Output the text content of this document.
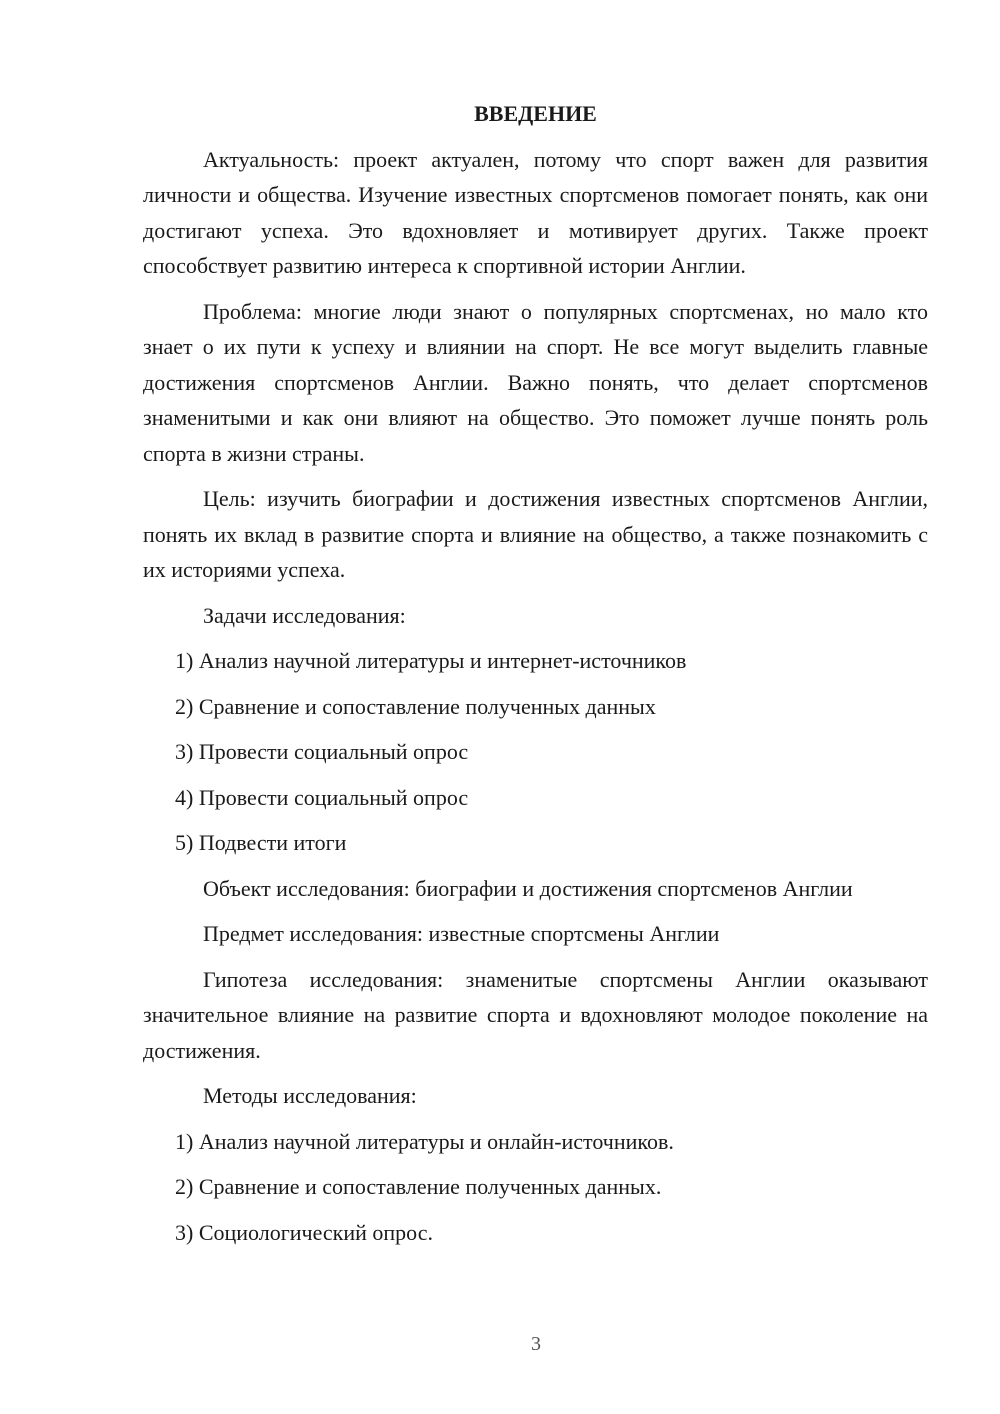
ВВЕДЕНИЕ
Актуальность: проект актуален, потому что спорт важен для развития личности и общества. Изучение известных спортсменов помогает понять, как они достигают успеха. Это вдохновляет и мотивирует других. Также проект способствует развитию интереса к спортивной истории Англии.
Проблема: многие люди знают о популярных спортсменах, но мало кто знает о их пути к успеху и влиянии на спорт. Не все могут выделить главные достижения спортсменов Англии. Важно понять, что делает спортсменов знаменитыми и как они влияют на общество. Это поможет лучше понять роль спорта в жизни страны.
Цель: изучить биографии и достижения известных спортсменов Англии, понять их вклад в развитие спорта и влияние на общество, а также познакомить с их историями успеха.
Задачи исследования:
1) Анализ научной литературы и интернет-источников
2) Сравнение и сопоставление полученных данных
3) Провести социальный опрос
4) Провести социальный опрос
5) Подвести итоги
Объект исследования: биографии и достижения спортсменов Англии
Предмет исследования: известные спортсмены Англии
Гипотеза исследования: знаменитые спортсмены Англии оказывают значительное влияние на развитие спорта и вдохновляют молодое поколение на достижения.
Методы исследования:
1) Анализ научной литературы и онлайн-источников.
2) Сравнение и сопоставление полученных данных.
3) Социологический опрос.
3
